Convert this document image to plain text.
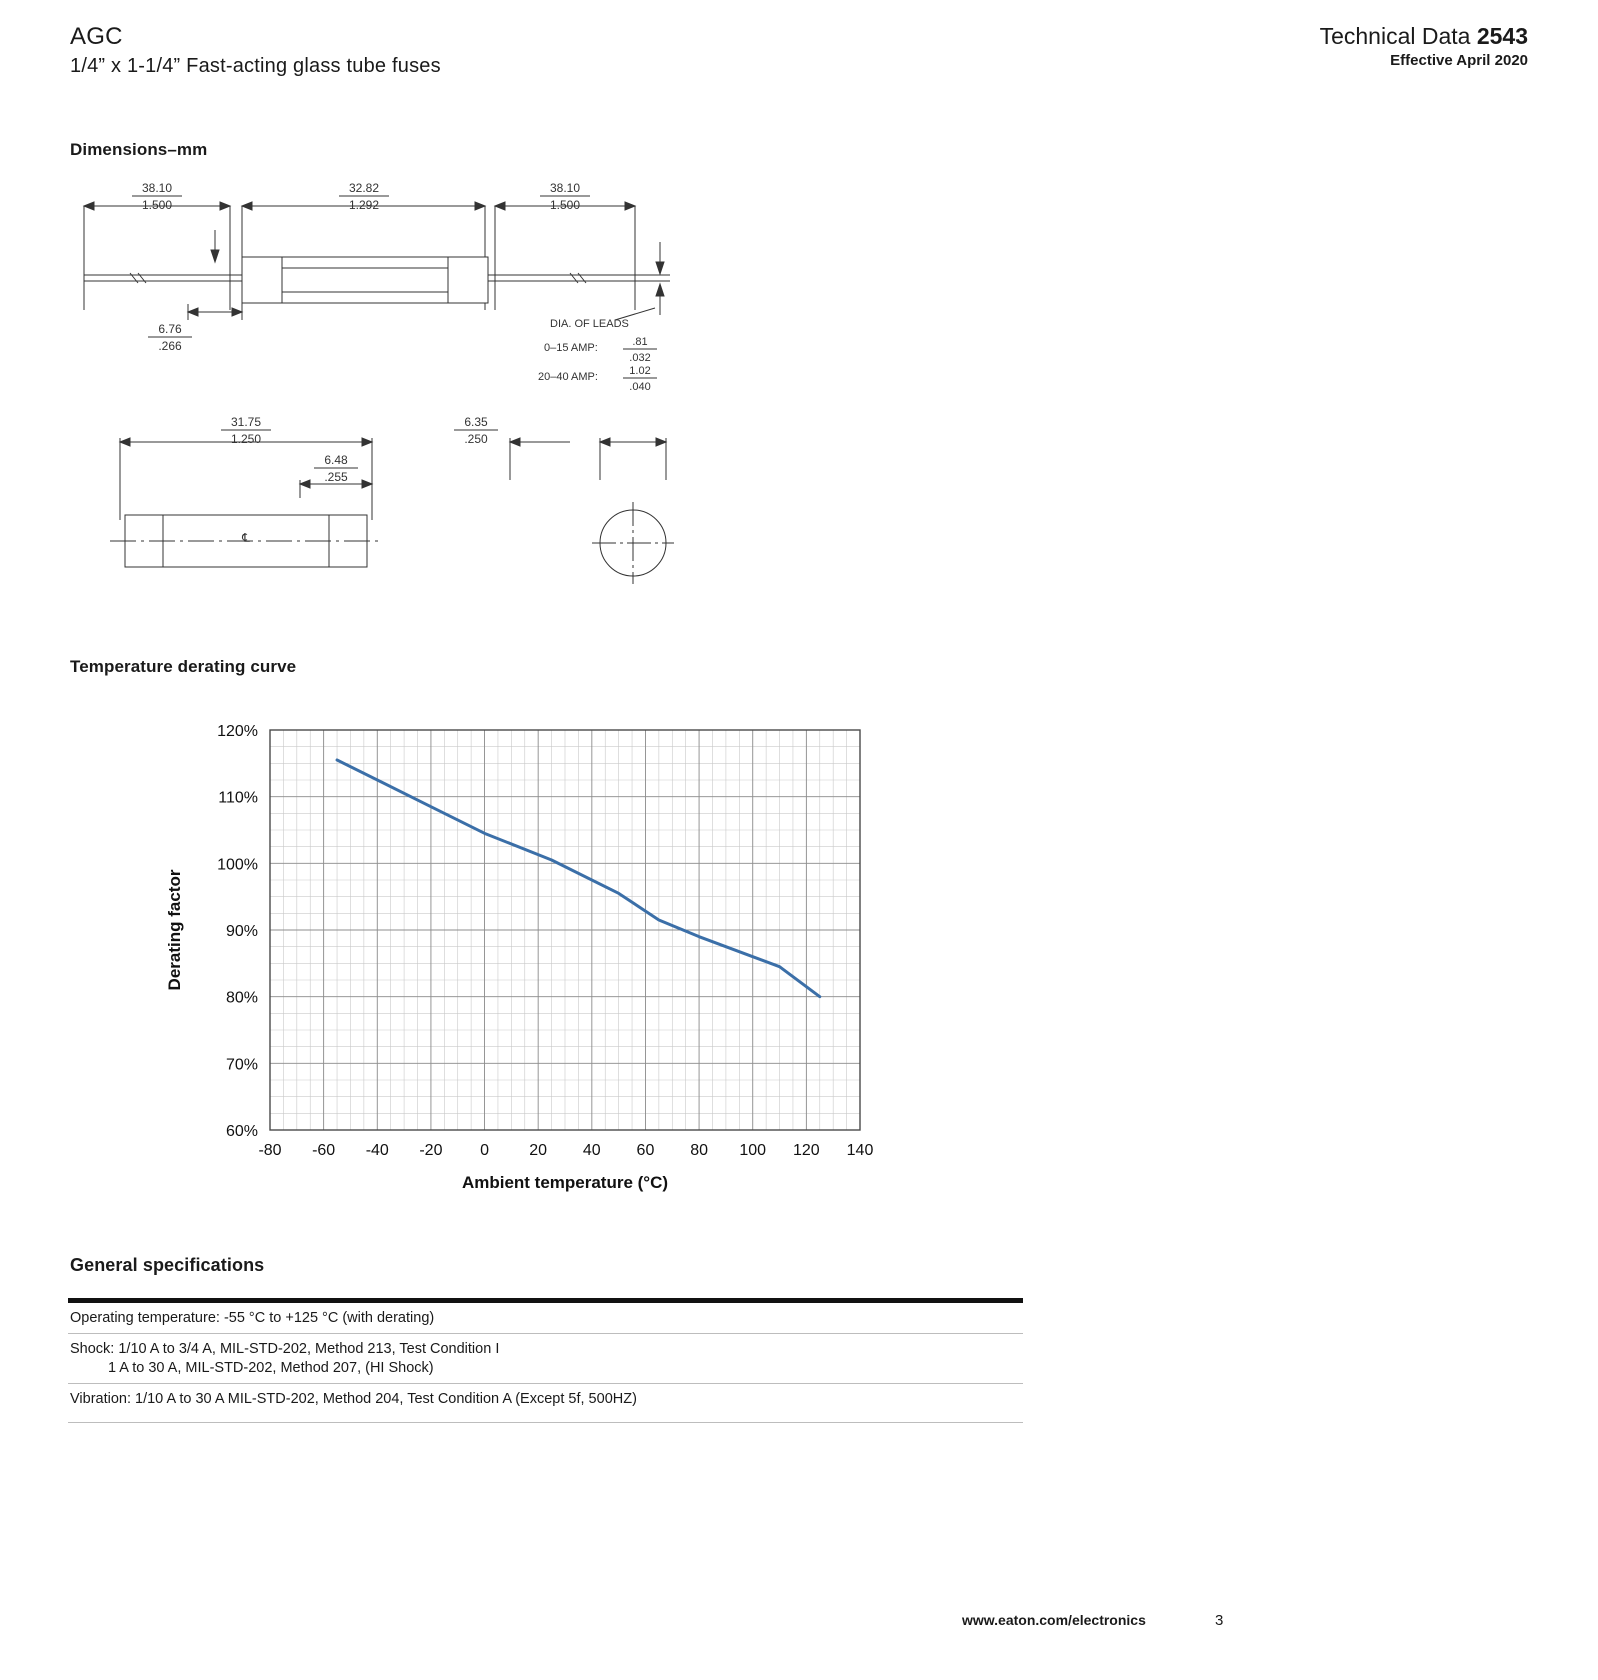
AGC
1/4” x 1-1/4” Fast-acting glass tube fuses
Technical Data 2543
Effective April 2020
Dimensions–mm
38.10
1.500
32.82
1.292
38.10
1.500
6.76
.266
DIA. OF LEADS
0–15 AMP:	.81
.032
20–40 AMP:	1.02
.040
31.75
1.250
6.48
.255
6.35
.250
℄
Temperature derating curve
60%
70%
80%
90%
100%
110%
120%
-80 -60 -40 -20 0	20 40 60 80 100 120 140
Ambient temperature (°C)
Derating factor
General specifications
Operating temperature: -55 °C to +125 °C (with derating)
Shock: 1/10 A to 3/4 A, MIL-STD-202, Method 213, Test Condition I
1 A to 30 A, MIL-STD-202, Method 207, (HI Shock)
Vibration: 1/10 A to 30 A MIL-STD-202, Method 204, Test Condition A (Except 5f, 500HZ)
www.eaton.com/electronics	3
